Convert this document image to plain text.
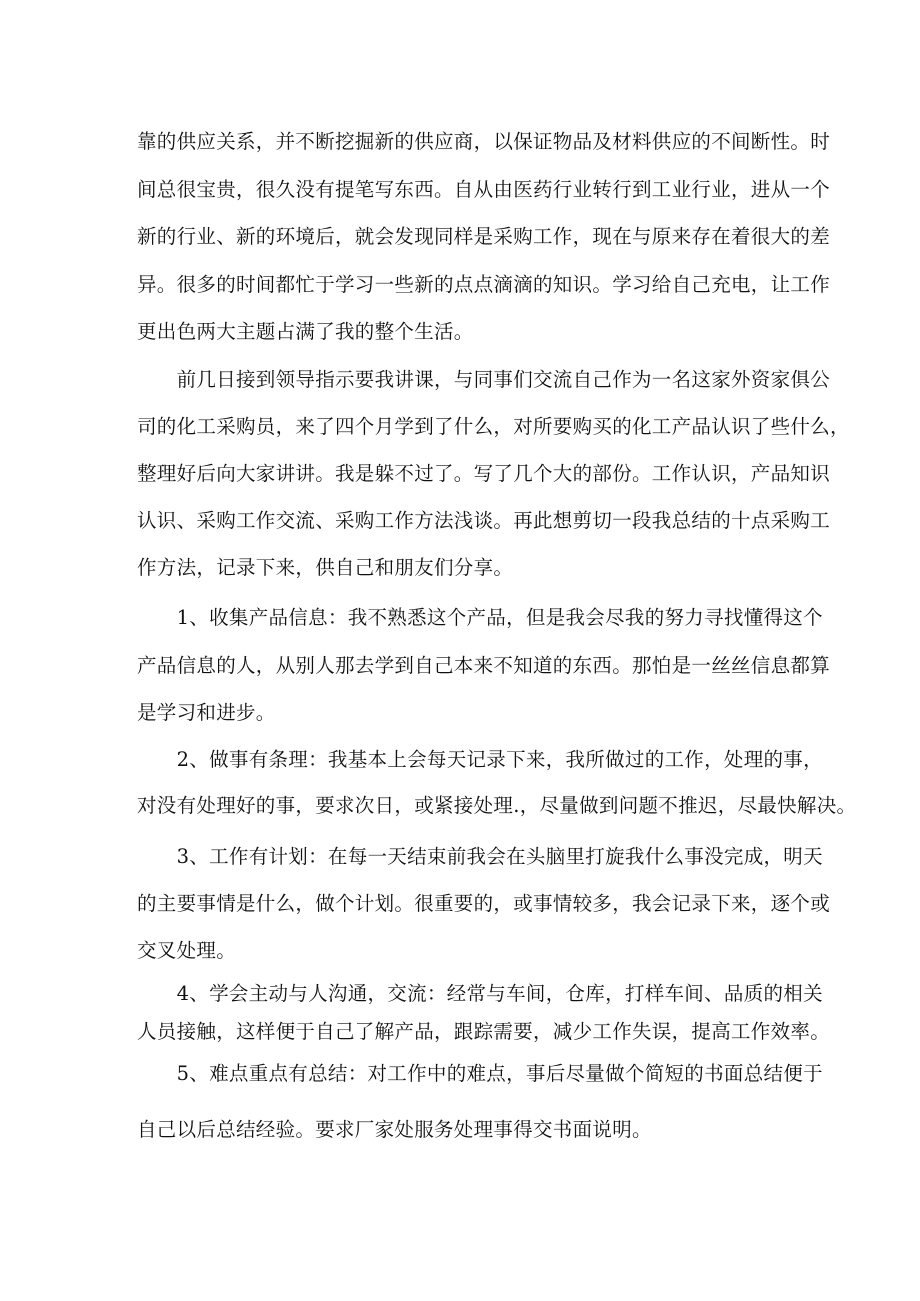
靠的供应关系，并不断挖掘新的供应商，以保证物品及材料供应的不间断性。时
间总很宝贵，很久没有提笔写东西。自从由医药行业转行到工业行业，进从一个
新的行业、新的环境后，就会发现同样是采购工作，现在与原来存在着很大的差
异。很多的时间都忙于学习一些新的点点滴滴的知识。学习给自己充电，让工作
更出色两大主题占满了我的整个生活。

　　前几日接到领导指示要我讲课，与同事们交流自己作为一名这家外资家俱公
司的化工采购员，来了四个月学到了什么，对所要购买的化工产品认识了些什么，
整理好后向大家讲讲。我是躲不过了。写了几个大的部份。工作认识，产品知识
认识、采购工作交流、采购工作方法浅谈。再此想剪切一段我总结的十点采购工
作方法，记录下来，供自己和朋友们分享。

　　1、收集产品信息：我不熟悉这个产品，但是我会尽我的努力寻找懂得这个
产品信息的人，从别人那去学到自己本来不知道的东西。那怕是一丝丝信息都算
是学习和进步。

　　2、做事有条理：我基本上会每天记录下来，我所做过的工作，处理的事，
对没有处理好的事，要求次日，或紧接处理.，尽量做到问题不推迟，尽最快解决。

　　3、工作有计划：在每一天结束前我会在头脑里打旋我什么事没完成，明天
的主要事情是什么，做个计划。很重要的，或事情较多，我会记录下来，逐个或
交叉处理。

　　4、学会主动与人沟通，交流：经常与车间，仓库，打样车间、品质的相关
人员接触，这样便于自己了解产品，跟踪需要，减少工作失误，提高工作效率。

　　5、难点重点有总结：对工作中的难点，事后尽量做个简短的书面总结便于
自己以后总结经验。要求厂家处服务处理事得交书面说明。
